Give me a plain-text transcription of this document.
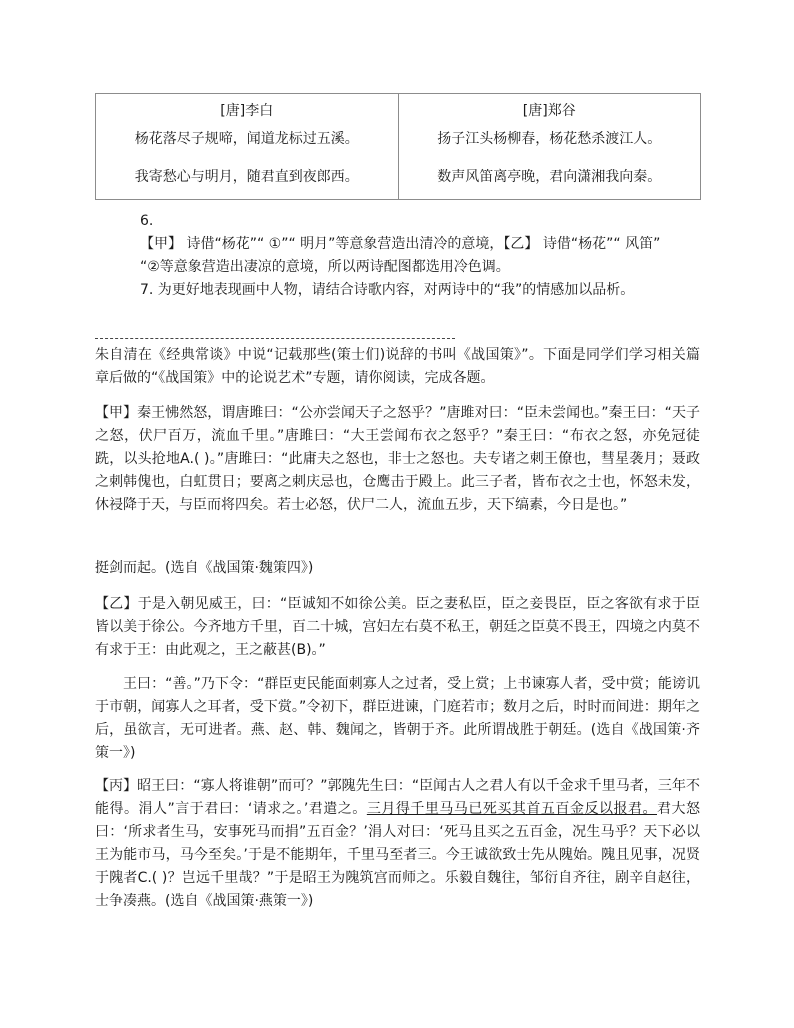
[唐]李白
杨花落尽子规啼，闻道龙标过五溪。
我寄愁心与明月，随君直到夜郎西。
[唐]郑谷
扬子江头杨柳春，杨花愁杀渡江人。
数声风笛离亭晚，君向潇湘我向秦。

6.

【甲】 诗借“杨花”“ ①”“ 明月”等意象营造出清冷的意境，【乙】 诗借“杨花”“ 风笛”

“②等意象营造出凄凉的意境，所以两诗配图都选用冷色调。

7. 为更好地表现画中人物，请结合诗歌内容，对两诗中的“我”的情感加以品析。

朱自清在《经典常谈》中说“记载那些(策士们)说辞的书叫《战国策》”。下面是同学们学习相关篇章后做的“《战国策》中的论说艺术”专题，请你阅读，完成各题。

【甲】秦王怫然怒，谓唐雎曰：“公亦尝闻天子之怒乎？”唐雎对曰：“臣未尝闻也。”秦王曰：“天子之怒，伏尸百万，流血千里。”唐雎曰：“大王尝闻布衣之怒乎？”秦王曰：“布衣之怒，亦免冠徒跣，以头抢地A.( )。”唐雎曰：“此庸夫之怒也，非士之怒也。夫专诸之刺王僚也，彗星袭月；聂政之刺韩傀也，白虹贯日；要离之刺庆忌也，仓鹰击于殿上。此三子者，皆布衣之士也，怀怒未发，休祲降于天，与臣而将四矣。若士必怒，伏尸二人，流血五步，天下缟素，今日是也。”

挺剑而起。(选自《战国策·魏策四》)

【乙】于是入朝见威王，曰：“臣诚知不如徐公美。臣之妻私臣，臣之妾畏臣，臣之客欲有求于臣皆以美于徐公。今齐地方千里，百二十城，宫妇左右莫不私王，朝廷之臣莫不畏王，四境之内莫不有求于王：由此观之，王之蔽甚(B)。”

王曰：“善。”乃下令：“群臣吏民能面刺寡人之过者，受上赏；上书谏寡人者，受中赏；能谤讥于市朝，闻寡人之耳者，受下赏。”令初下，群臣进谏，门庭若市；数月之后，时时而间进：期年之后，虽欲言，无可进者。燕、赵、韩、魏闻之，皆朝于齐。此所谓战胜于朝廷。(选自《战国策·齐策一》)

【丙】昭王曰：“寡人将谁朝”而可？”郭隗先生曰：“臣闻古人之君人有以千金求千里马者，三年不能得。涓人”言于君曰：‘请求之。’君遣之。三月得千里马马已死买其首五百金反以报君。君大怒曰：‘所求者生马，安事死马而捐”五百金？’涓人对曰：‘死马且买之五百金，况生马乎？天下必以王为能市马，马今至矣。’于是不能期年，千里马至者三。今王诚欲致士先从隗始。隗且见事，况贤于隗者C.( )？岂远千里哉？”于是昭王为隗筑宫而师之。乐毅自魏往，邹衍自齐往，剧辛自赵往，士争凑燕。(选自《战国策·燕策一》)
